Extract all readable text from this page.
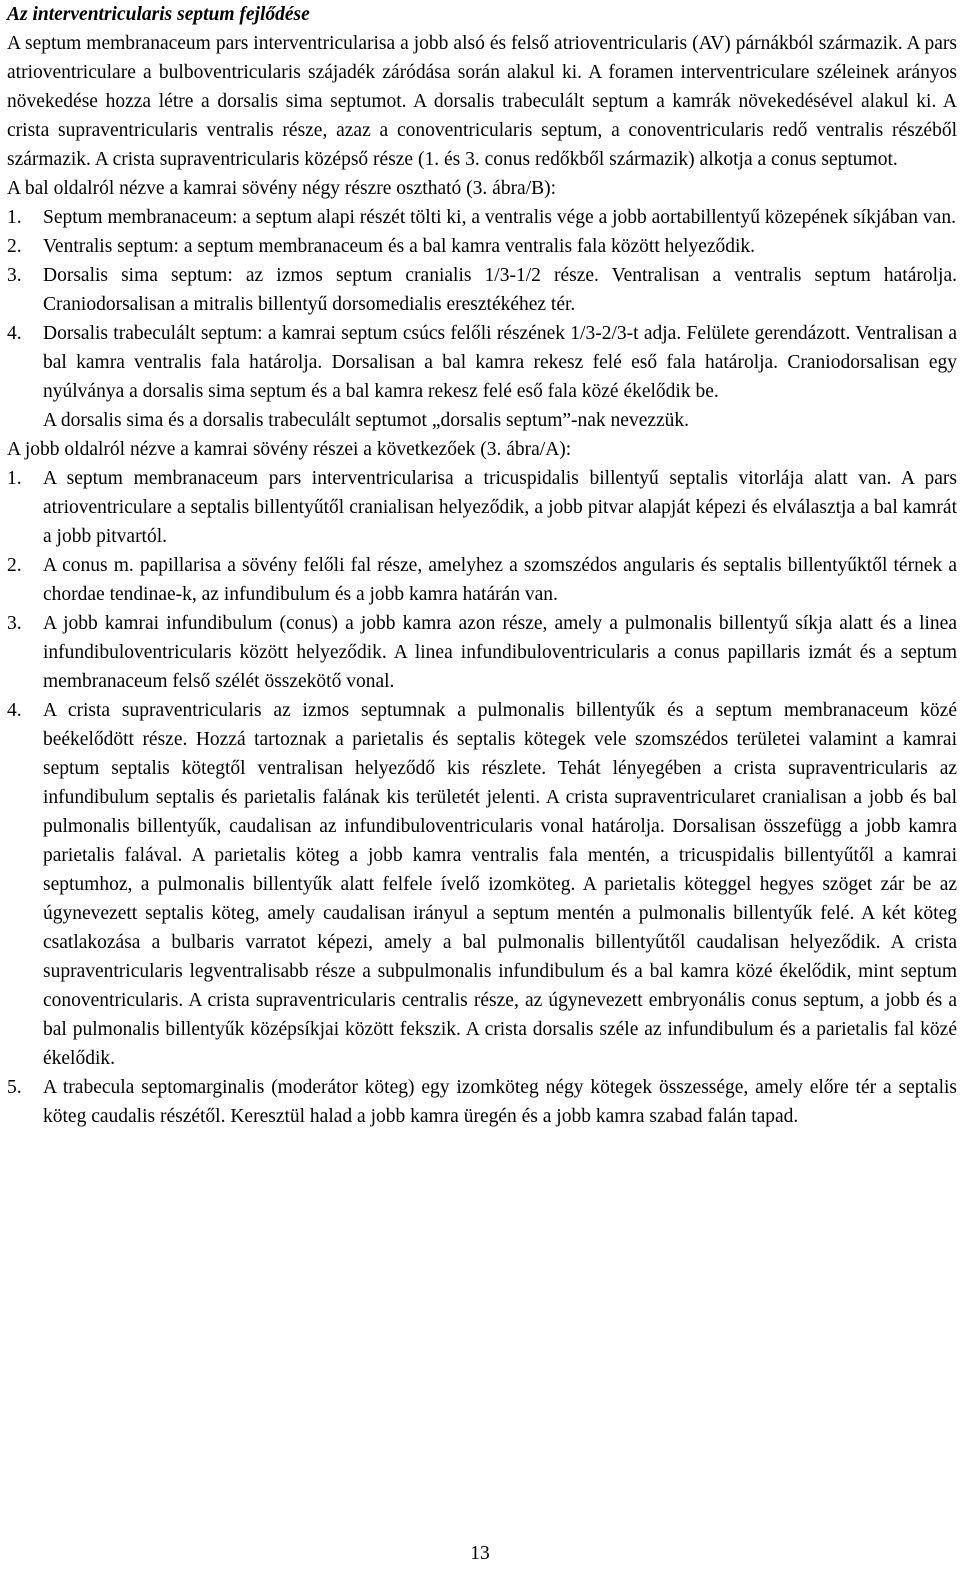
Az interventricularis septum fejlődése

A septum membranaceum pars interventricularisa a jobb alsó és felső atrioventricularis (AV) párnákból származik. A pars atrioventriculare a bulboventricularis szájadék záródása során alakul ki. A foramen interventriculare széleinek arányos növekedése hozza létre a dorsalis sima septumot. A dorsalis trabeculált septum a kamrák növekedésével alakul ki. A crista supraventricularis ventralis része, azaz a conoventricularis septum, a conoventricularis redő ventralis részéből származik. A crista supraventricularis középső része (1. és 3. conus redőkből származik) alkotja a conus septumot.

A bal oldalról nézve a kamrai sövény négy részre osztható (3. ábra/B):

1.	Septum membranaceum: a septum alapi részét tölti ki, a ventralis vége a jobb aortabillentyű közepének síkjában van.
2.	Ventralis septum: a septum membranaceum és a bal kamra ventralis fala között helyeződik.
3.	Dorsalis sima septum: az izmos septum cranialis 1/3-1/2 része. Ventralisan a ventralis septum határolja. Craniodorsalisan a mitralis billentyű dorsomedialis eresztékéhez tér.
4.	Dorsalis trabeculált septum: a kamrai septum csúcs felőli részének 1/3-2/3-t adja. Felülete gerendázott. Ventralisan a bal kamra ventralis fala határolja. Dorsalisan a bal kamra rekesz felé eső fala határolja. Craniodorsalisan egy nyúlványa a dorsalis sima septum és a bal kamra rekesz felé eső fala közé ékelődik be.

A dorsalis sima és a dorsalis trabeculált septumot „dorsalis septum”-nak nevezzük.

A jobb oldalról nézve a kamrai sövény részei a következőek (3. ábra/A):

1.	A septum membranaceum pars interventricularisa a tricuspidalis billentyű septalis vitorlája alatt van. A pars atrioventriculare a septalis billentyűtől cranialisan helyeződik, a jobb pitvar alapját képezi és elválasztja a bal kamrát a jobb pitvartól.
2.	A conus m. papillarisa a sövény felőli fal része, amelyhez a szomszédos angularis és septalis billentyűktől térnek a chordae tendinae-k, az infundibulum és a jobb kamra határán van.
3.	A jobb kamrai infundibulum (conus) a jobb kamra azon része, amely a pulmonalis billentyű síkja alatt és a linea infundibuloventricularis között helyeződik. A linea infundibuloventricularis a conus papillaris izmát és a septum membranaceum felső szélét összekötő vonal.
4.	A crista supraventricularis az izmos septumnak a pulmonalis billentyűk és a septum membranaceum közé beékelődött része. Hozzá tartoznak a parietalis és septalis kötegek vele szomszédos területei valamint a kamrai septum septalis kötegtől ventralisan helyeződő kis részlete. Tehát lényegében a crista supraventricularis az infundibulum septalis és parietalis falának kis területét jelenti. A crista supraventricularet cranialisan a jobb és bal pulmonalis billentyűk, caudalisan az infundibuloventricularis vonal határolja. Dorsalisan összefügg a jobb kamra parietalis falával. A parietalis köteg a jobb kamra ventralis fala mentén, a tricuspidalis billentyűtől a kamrai septumhoz, a pulmonalis billentyűk alatt felfele ívelő izomköteg. A parietalis köteggel hegyes szöget zár be az úgynevezett septalis köteg, amely caudalisan irányul a septum mentén a pulmonalis billentyűk felé. A két köteg csatlakozása a bulbaris varratot képezi, amely a bal pulmonalis billentyűtől caudalisan helyeződik. A crista supraventricularis legventralisabb része a subpulmonalis infundibulum és a bal kamra közé ékelődik, mint septum conoventricularis. A crista supraventricularis centralis része, az úgynevezett embryonális conus septum, a jobb és a bal pulmonalis billentyűk középsíkjai között fekszik. A crista dorsalis széle az infundibulum és a parietalis fal közé ékelődik.
5.	A trabecula septomarginalis (moderátor köteg) egy izomköteg négy kötegek összessége, amely előre tér a septalis köteg caudalis részétől. Keresztül halad a jobb kamra üregén és a jobb kamra szabad falán tapad.
13
